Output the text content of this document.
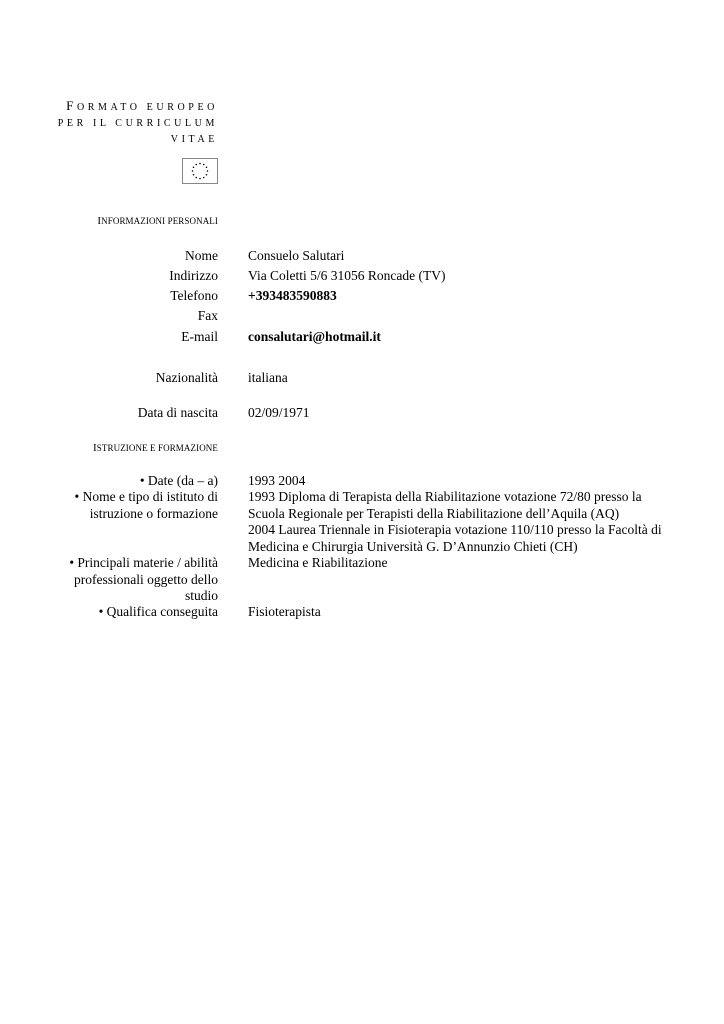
FORMATO EUROPEO
PER IL CURRICULUM
VITAE
INFORMAZIONI PERSONALI
Nome Consuelo Salutari
Indirizzo Via Coletti 5/6 31056 Roncade (TV)
Telefono +393483590883
Fax
E-mail consalutari@hotmail.it
Nazionalità italiana
Data di nascita 02/09/1971
ISTRUZIONE E FORMAZIONE
• Date (da – a) 1993 2004
• Nome e tipo di istituto di
istruzione o formazione
1993 Diploma di Terapista della Riabilitazione votazione 72/80 presso la
Scuola Regionale per Terapisti della Riabilitazione dell’Aquila (AQ)
2004 Laurea Triennale in Fisioterapia votazione 110/110 presso la Facoltà di
Medicina e Chirurgia Università G. D’Annunzio Chieti (CH)
• Principali materie / abilità
professionali oggetto dello
studio
Medicina e Riabilitazione
• Qualifica conseguita Fisioterapista
